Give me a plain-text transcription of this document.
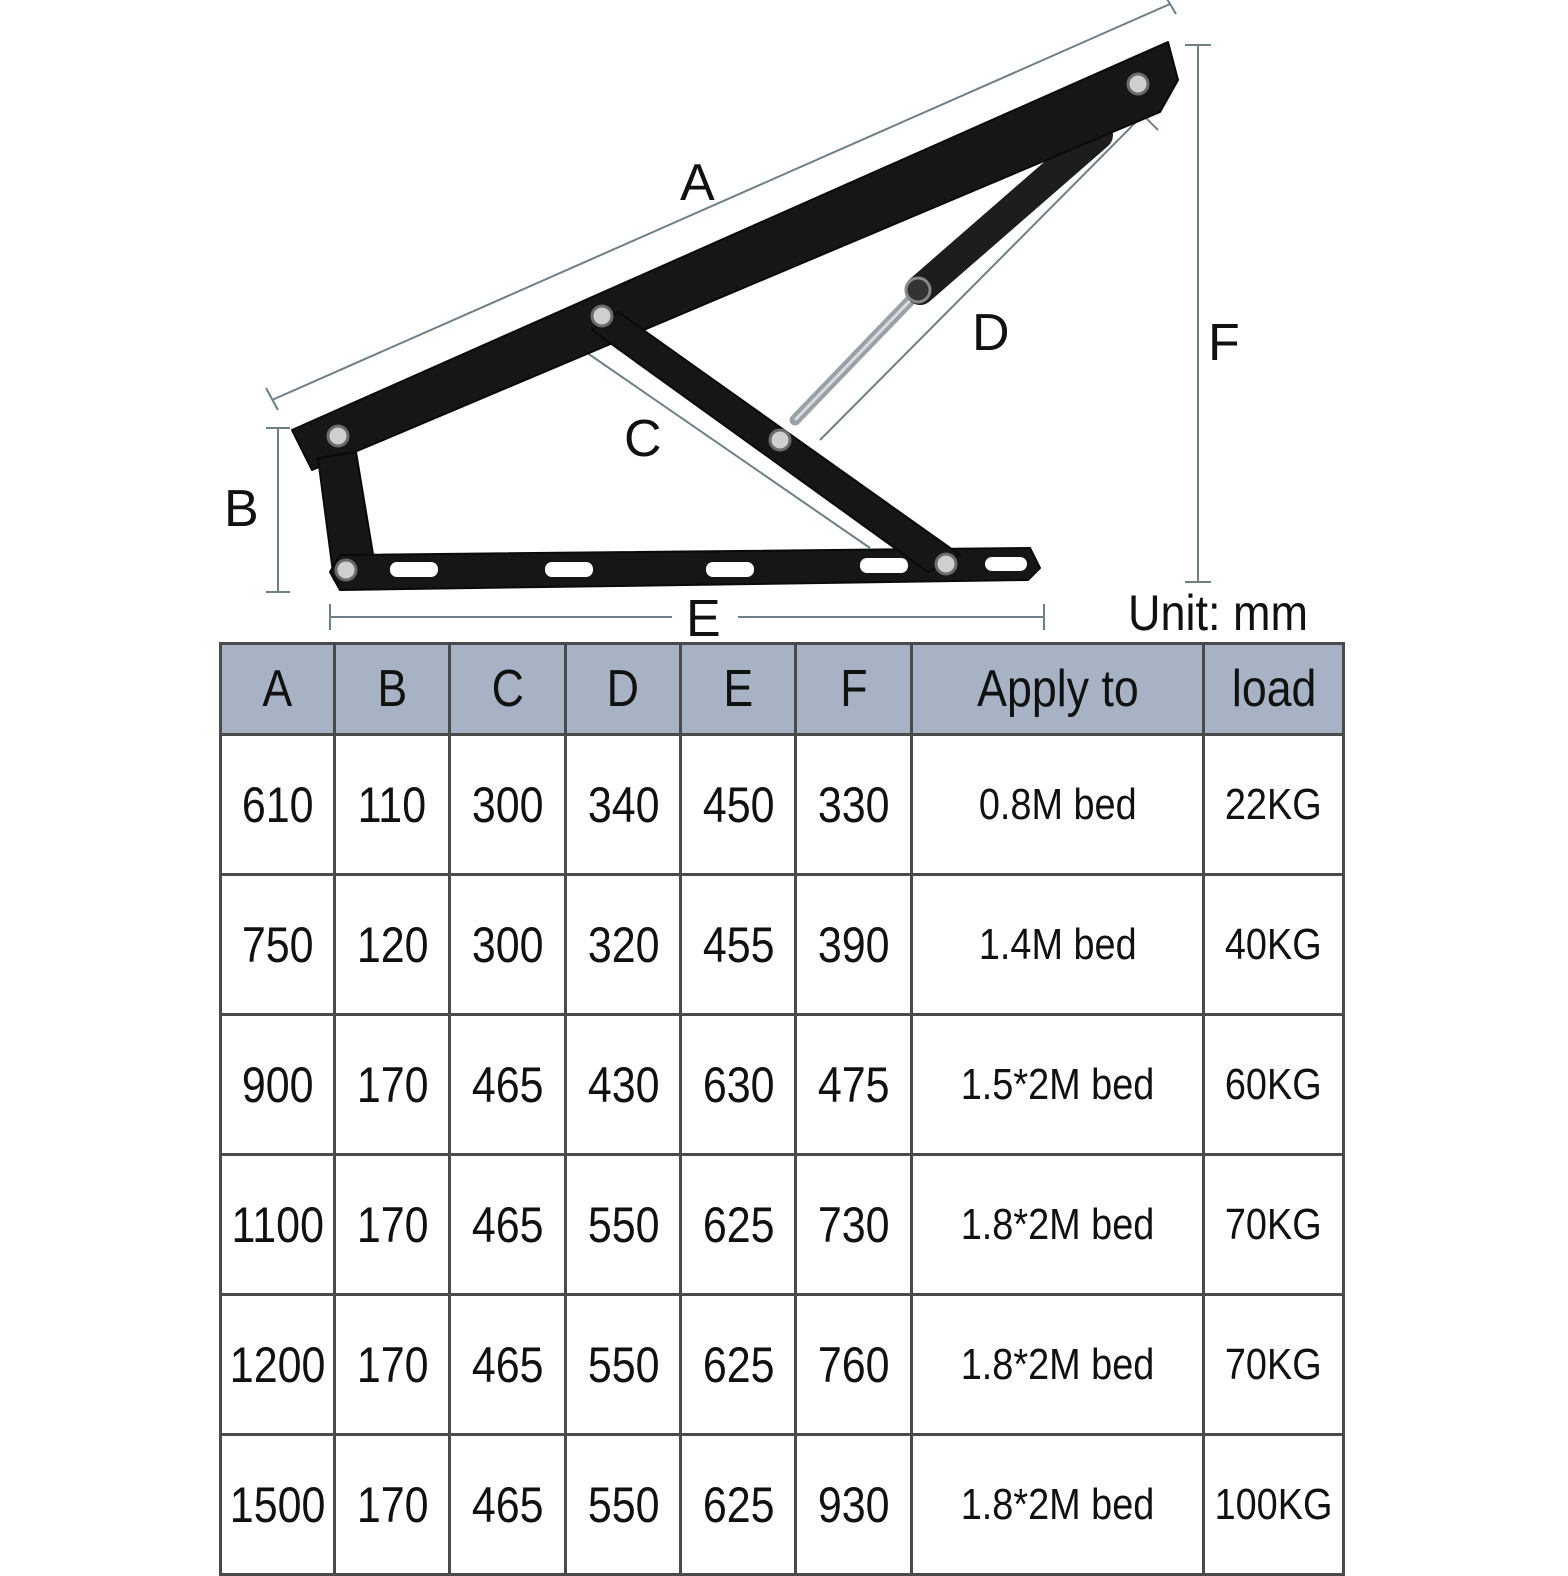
A
B
C
D
E
F
Unit: mm
A	B	C	D	E	F	Apply to	load
610	110	300	340	450	330	0.8M bed	22KG
750	120	300	320	455	390	1.4M bed	40KG
900	170	465	430	630	475	1.5*2M bed	60KG
1100	170	465	550	625	730	1.8*2M bed	70KG
1200	170	465	550	625	760	1.8*2M bed	70KG
1500	170	465	550	625	930	1.8*2M bed	100KG
